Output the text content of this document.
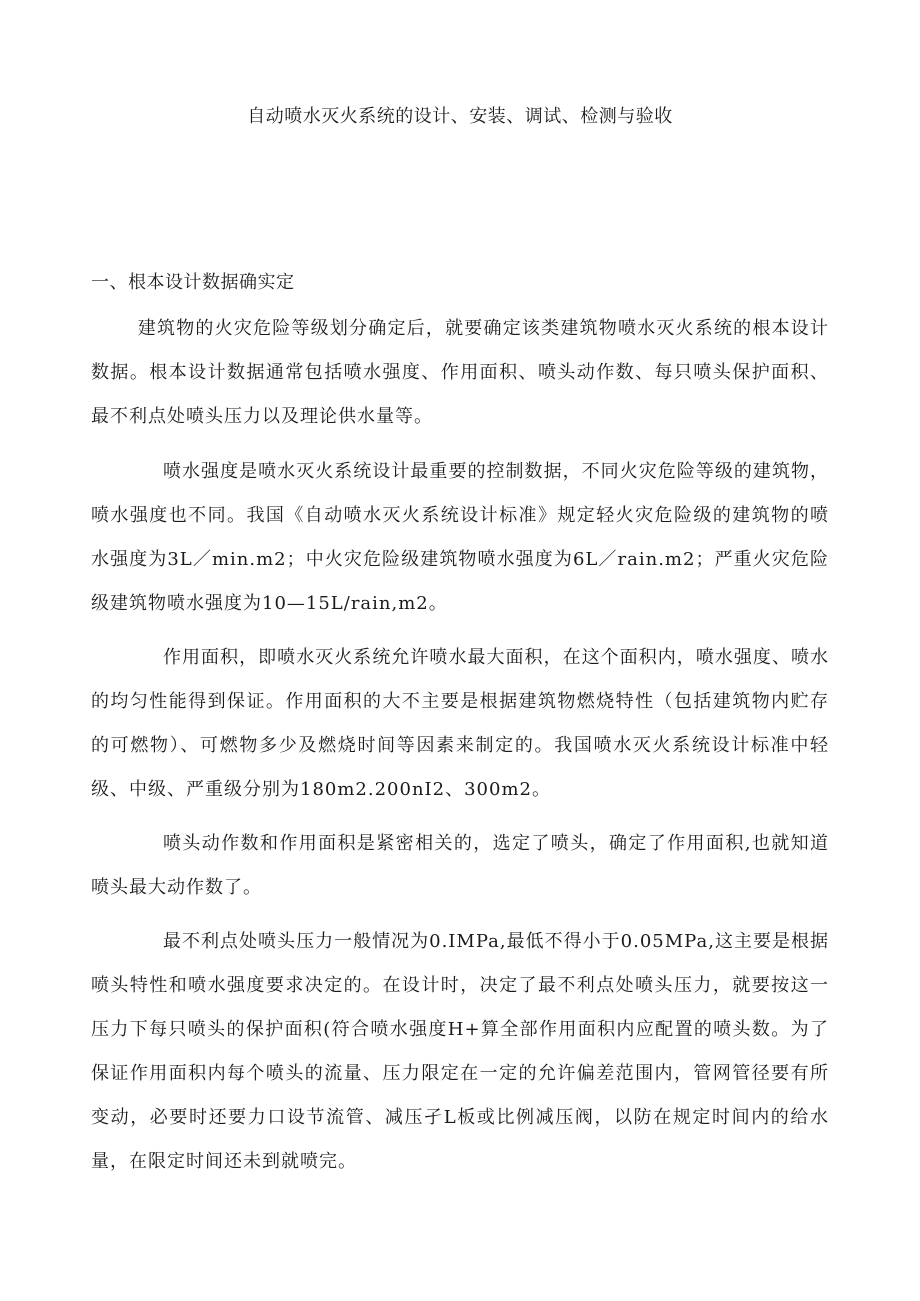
自动喷水灭火系统的设计、安装、调试、检测与验收
一、根本设计数据确实定

建筑物的火灾危险等级划分确定后，就要确定该类建筑物喷水灭火系统的根本设计数据。根本设计数据通常包括喷水强度、作用面积、喷头动作数、每只喷头保护面积、最不利点处喷头压力以及理论供水量等。

喷水强度是喷水灭火系统设计最重要的控制数据，不同火灾危险等级的建筑物，喷水强度也不同。我国《自动喷水灭火系统设计标准》规定轻火灾危险级的建筑物的喷水强度为3L／min.m2；中火灾危险级建筑物喷水强度为6L／rain.m2；严重火灾危险级建筑物喷水强度为10—15L/rain,m2。

作用面积，即喷水灭火系统允许喷水最大面积，在这个面积内，喷水强度、喷水的均匀性能得到保证。作用面积的大不主要是根据建筑物燃烧特性（包括建筑物内贮存的可燃物）、可燃物多少及燃烧时间等因素来制定的。我国喷水灭火系统设计标准中轻级、中级、严重级分别为180m2.200nI2、300m2。

喷头动作数和作用面积是紧密相关的，选定了喷头，确定了作用面积,也就知道喷头最大动作数了。

最不利点处喷头压力一般情况为0.IMPa,最低不得小于0.05MPa,这主要是根据喷头特性和喷水强度要求决定的。在设计时，决定了最不利点处喷头压力，就要按这一压力下每只喷头的保护面积(符合喷水强度H+算全部作用面积内应配置的喷头数。为了保证作用面积内每个喷头的流量、压力限定在一定的允许偏差范围内，管网管径要有所变动，必要时还要力口设节流管、减压孑L板或比例减压阀，以防在规定时间内的给水量，在限定时间还未到就喷完。
